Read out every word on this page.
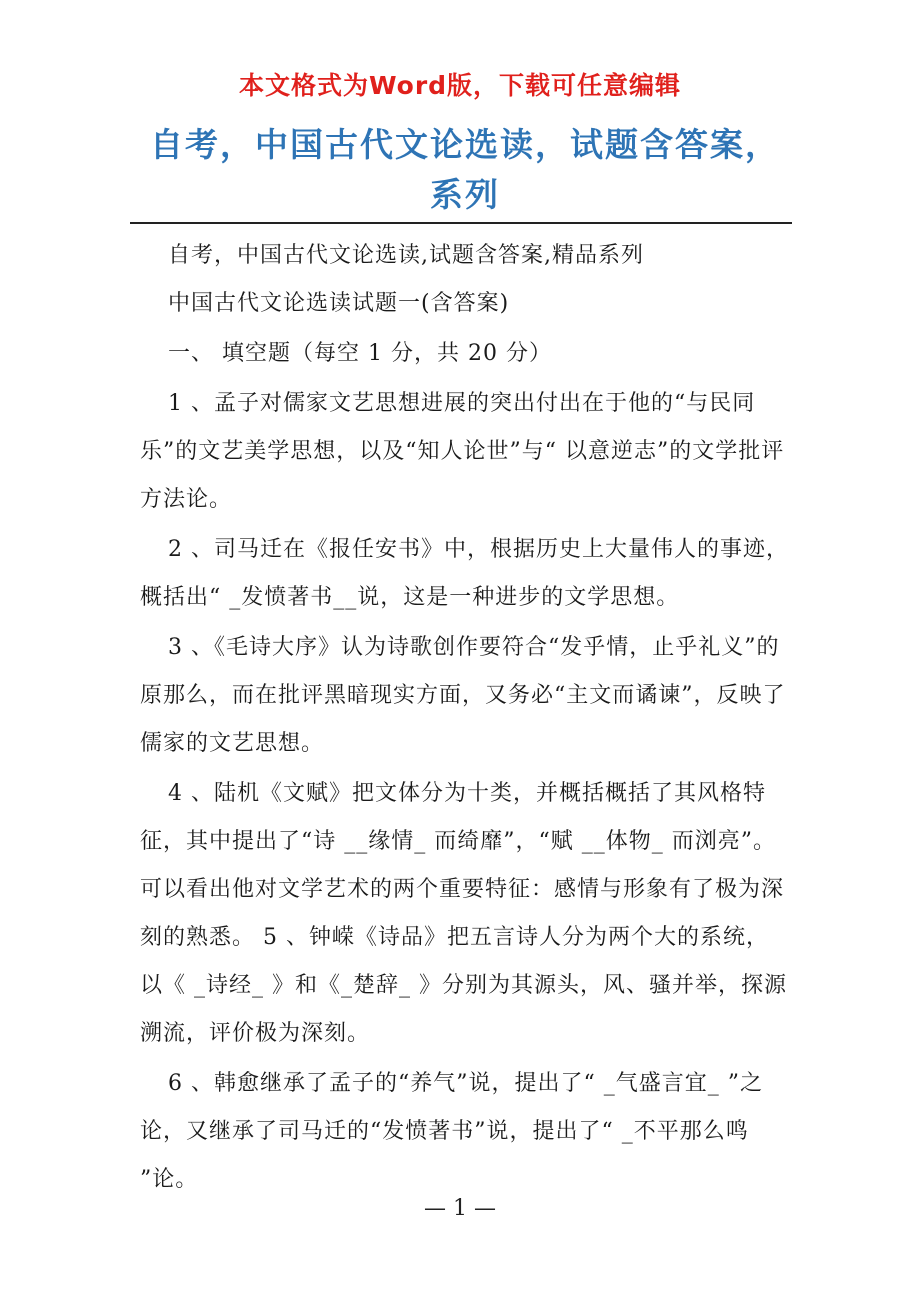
本文格式为Word版，下载可任意编辑
自考，中国古代文论选读，试题含答案，系列

自考，中国古代文论选读,试题含答案,精品系列

中国古代文论选读试题一(含答案)

一、 填空题（每空 1 分，共 20 分）

1 、孟子对儒家文艺思想进展的突出付出在于他的“与民同乐”的文艺美学思想，以及“知人论世”与“ 以意逆志”的文学批评方法论。

2 、司马迁在《报任安书》中，根据历史上大量伟人的事迹，概括出“ _发愤著书__说，这是一种进步的文学思想。

3 、《毛诗大序》认为诗歌创作要符合“发乎情，止乎礼义”的原那么，而在批评黑暗现实方面，又务必“主文而谲谏”，反映了儒家的文艺思想。

4 、陆机《文赋》把文体分为十类，并概括概括了其风格特征，其中提出了“诗 __缘情_ 而绮靡”，“赋 __体物_ 而浏亮”。可以看出他对文学艺术的两个重要特征：感情与形象有了极为深刻的熟悉。 5 、钟嵘《诗品》把五言诗人分为两个大的系统，以《 _诗经_ 》和《_楚辞_ 》分别为其源头，风、骚并举，探源溯流，评价极为深刻。

6 、韩愈继承了孟子的“养气”说，提出了“ _气盛言宜_ ”之论，又继承了司马迁的“发愤著书”说，提出了“ _不平那么鸣 ”论。

— 1 —
